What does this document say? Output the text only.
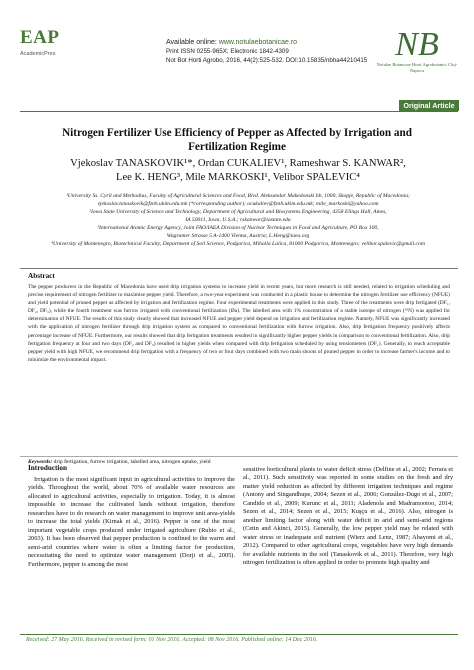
EAP
AcademicPres
Available online: www.notulaebotanicae.ro
Print ISSN 0255-965X; Electronic 1842-4309
Not Bot Horti Agrobo, 2016, 44(2):525-532. DOI:10.15835/nbha44210415 NB
Notulae Botanicae Horti Agrobotanici Cluj-Napoca
Original Article
Nitrogen Fertilizer Use Efficiency of Pepper as Affected by Irrigation and Fertilization Regime
Vjekoslav TANASKOVIK¹*, Ordan CUKALIEV¹, Rameshwar S. KANWAR²,
Lee K. HENG³, Mile MARKOSKI¹, Velibor SPALEVIC⁴
¹University Ss. Cyril and Methodius, Faculty of Agricultural Sciences and Food, Blvd. Aleksandar Makedonski bb, 1000, Skopje, Republic of Macedonia;
vjekoslav.tanaskovik@fznh.ukim.edu.mk (*corresponding author); ocukaliev@fznh.ukim.edu.mk; mile_markoski@yahoo.com
²Iowa State University of Science and Technology, Department of Agricultural and Biosystems Engineering, 4358 Elings Hall, Ames,
IA 50011, Iowa, U.S.A.; rskanwar@iastate.edu
³International Atomic Energy Agency, Joint FAO/IAEA Division of Nuclear Techniques in Food and Agriculture, PO Box 100,
Wagramer Strasse 5 A-1400 Vienna, Austria; L.Heng@iaea.org
⁴University of Montenegro, Biotechnical Faculty, Department of Soil Science, Podgorica, Mihaila Lalica, 81000 Podgorica, Montenegro; velibor.spalevic@gmail.com
Abstract
The pepper producers in the Republic of Macedonia have used drip irrigation systems to increase yield in recent years, but more research is still needed, related to irrigation scheduling and precise requirement of nitrogen fertilizer to maximise pepper yield. Therefore, a two-year experiment was conducted in a plastic house to determine the nitrogen fertilizer use efficiency (NFUE) and yield potential of pruned pepper as affected by irrigation and fertilization regime. Four experimental treatments were applied in this study. Three of the treatments were drip fertigated (DF₁, DF₂, DF₃), while the fourth treatment was furrow irrigated with conventional fertilization (Øᴀ). The labelled area with 1% concentration of a stable isotope of nitrogen (¹⁵N) was applied for determination of NFUE. The results of this study clearly showed that increased NFUE and pepper yield depend on irrigation and fertilization regime. Namely, NFUE was significantly increased with the application of nitrogen fertilizer through drip irrigation system as compared to conventional fertilization with furrow irrigation. Also, drip fertigation frequency positively affects percentage increase of NFUE. Furthermore, our results showed that drip fertigation treatments resulted in significantly higher pepper yields in comparison to conventional fertilization. Also, drip fertigation frequency at four and two days (DF₂ and DF₃) resulted in higher yields when compared with drip fertigation scheduled by using tensiometers (DF₁). Generally, to reach acceptable pepper yield with high NFUE, we recommend drip fertigation with a frequency of two or four days combined with two main shoots of pruned pepper in order to increase farmer's income and to minimize the environmental impact.
Keywords: drip fertigation, furrow irrigation, labelled area, nitrogen uptake, yield
Introduction

Irrigation is the most significant input in agricultural activities to improve the yields. Throughout the world, about 70% of available water resources are allocated to agricultural activities, especially to irrigation. Today, it is almost impossible to increase the cultivated lands without irrigation, therefore researches have to do research on water management to improve unit area-yields to increase the total yields (Kirnak et al., 2016). Pepper is one of the most important vegetable crops produced under irrigated agriculture (Rubio et al., 2003). It has been observed that pepper production is confined to the warm and semi-arid countries where water is often a limiting factor for production, necessitating the need to optimize water management (Dorji et al., 2005). Furthermore, pepper is among the most

sensitive horticultural plants to water deficit stress (Delfine et al., 2002; Ferrara et al., 2011). Such sensitivity was reported in some studies on the fresh and dry matter yield reduction as affected by different irrigation techniques and regime (Antony and Singandhupe, 2004; Sezen et al., 2006; González-Dugo et al., 2007; Candido et al., 2009; Kurunc et al., 2011; Aladenola and Madramootoo, 2014; Sezen et al., 2014; Sezen et al., 2015; Kuşçu et al., 2016). Also, nitrogen is another limiting factor along with water deficit in arid and semi-arid regions (Cetin and Akinci, 2015). Generally, the low pepper yield may be related with water stress or inadequate soil nutrient (Wierz and Lenz, 1987; Abayomi et al., 2012). Compared to other agricultural crops, vegetables have very high demands for available nutrients in the soil (Tanaskovik et al., 2011). Therefore, very high nitrogen fertilization is often applied in order to promote high quality and

Received: 27 May 2016. Received in revised form: 01 Nov 2016. Accepted: 08 Nov 2016. Published online: 14 Dec 2016.
